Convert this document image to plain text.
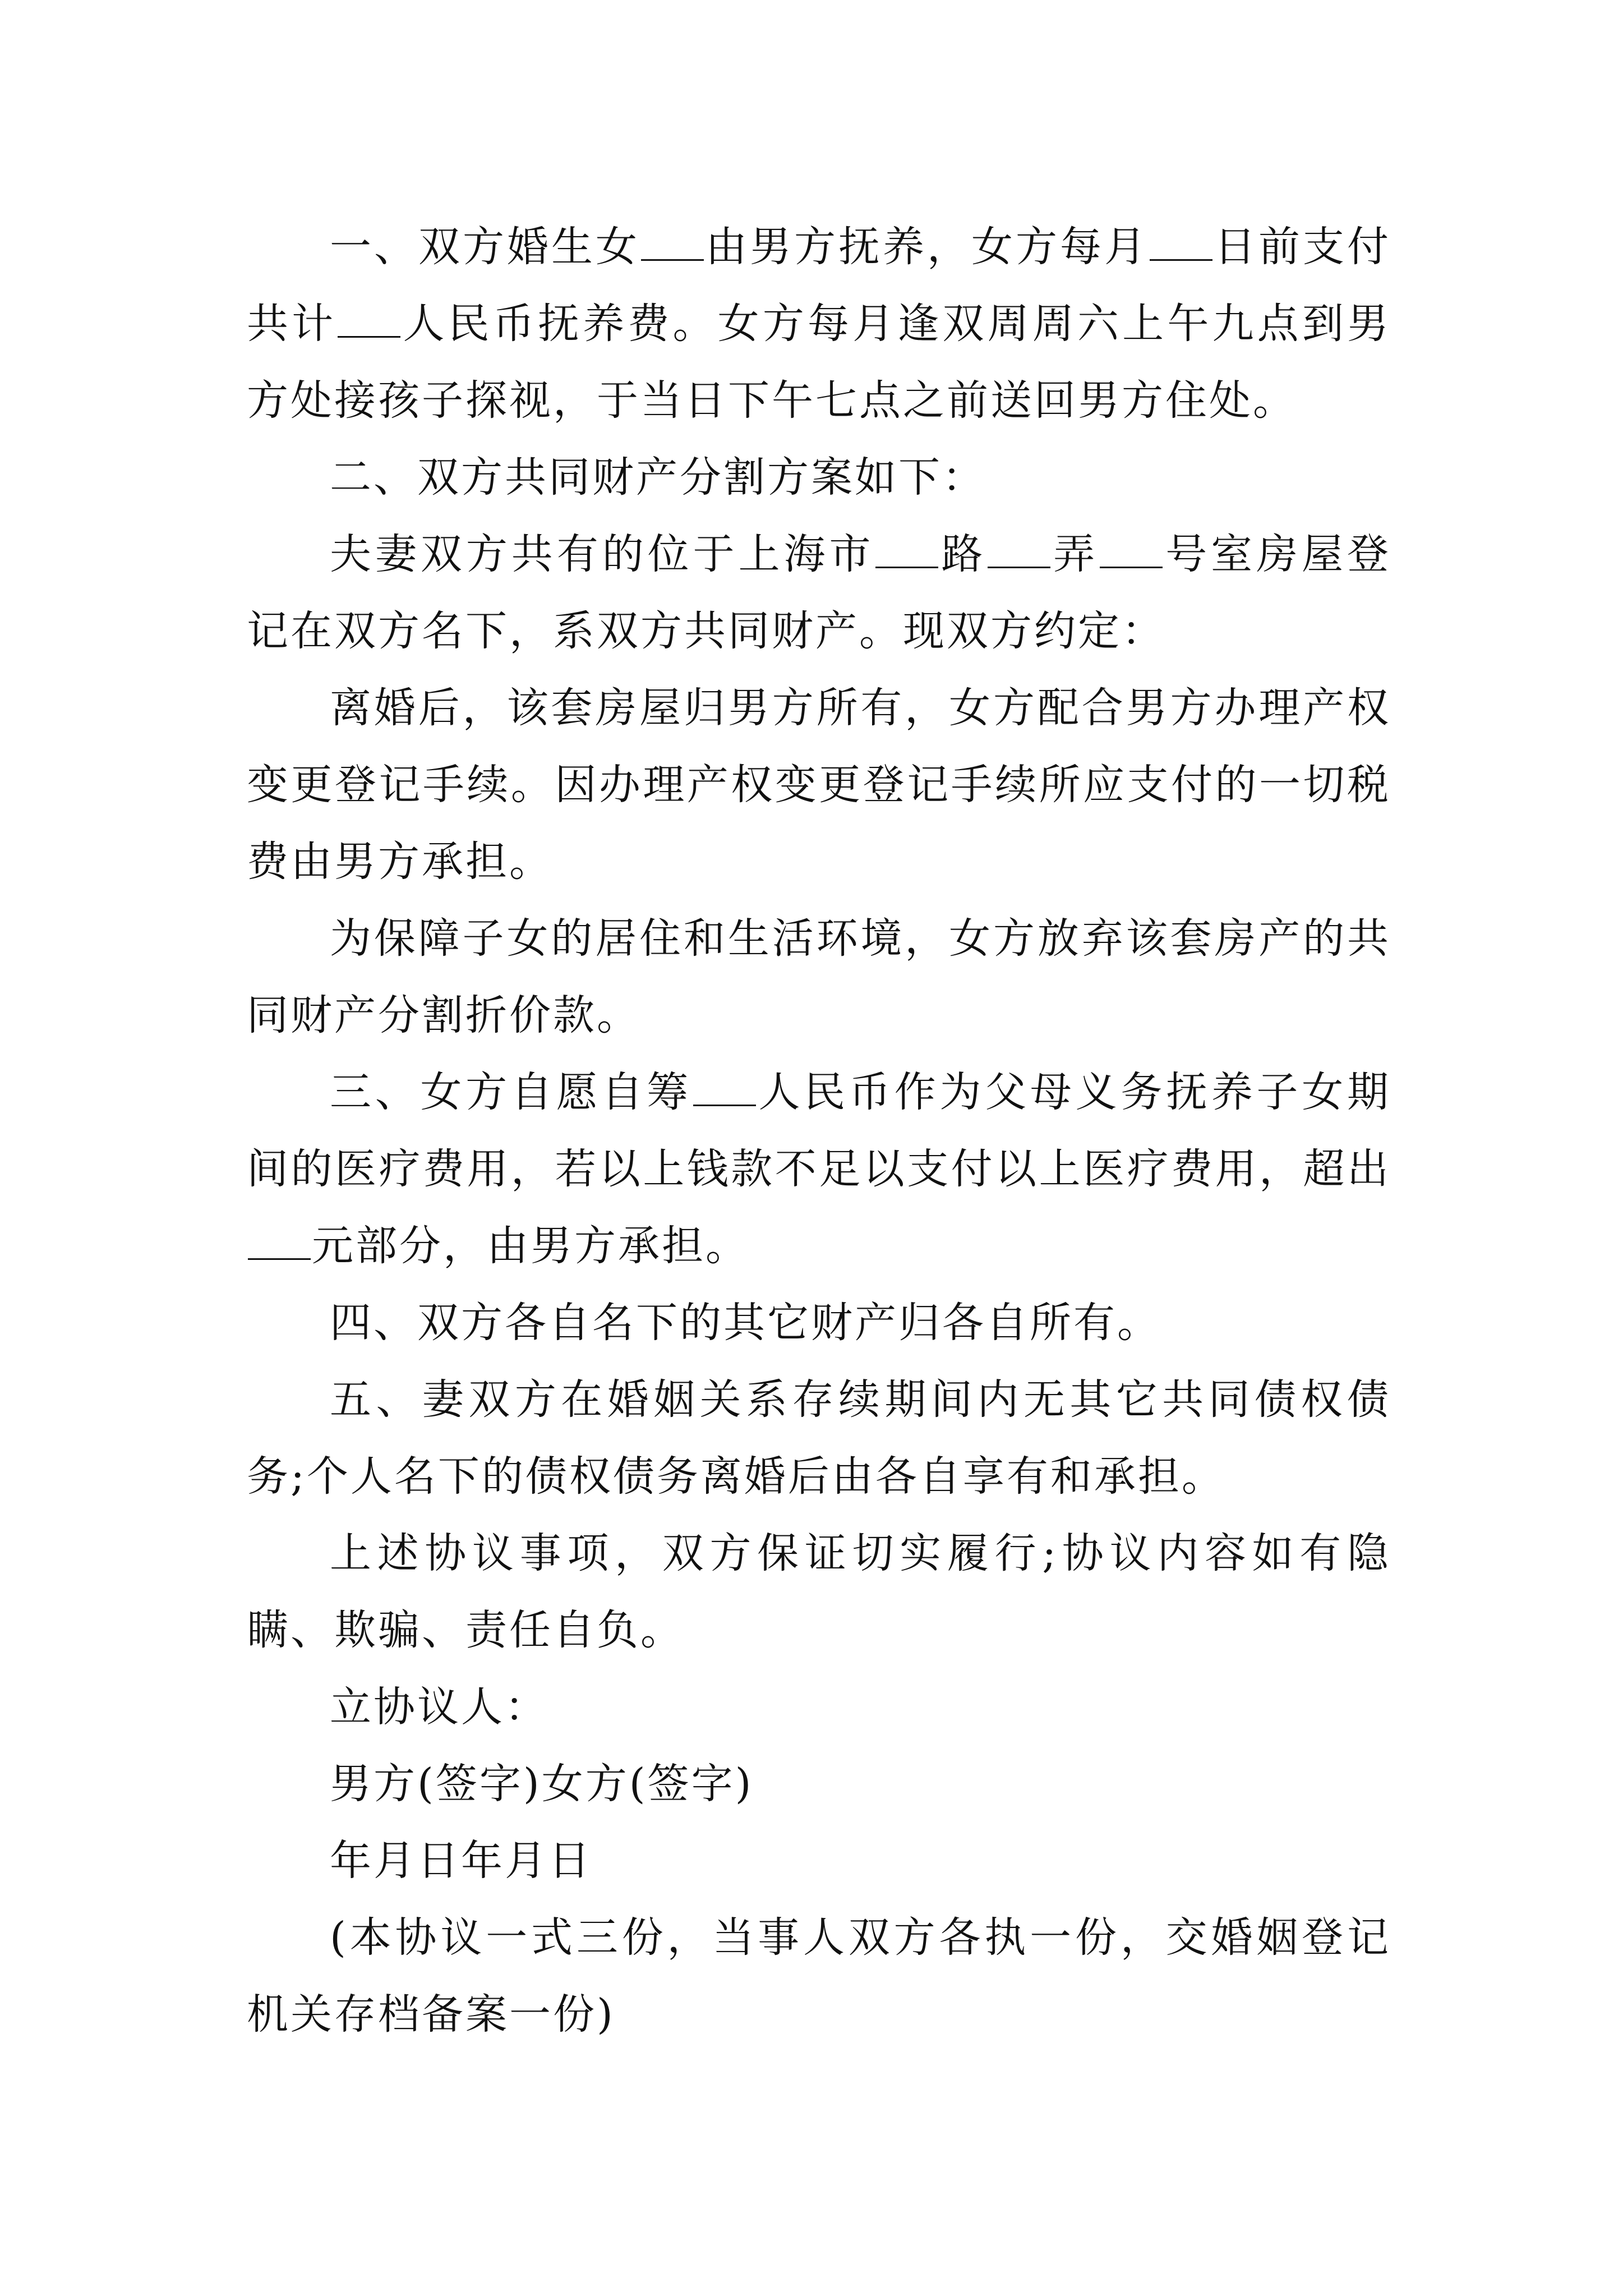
一、双方婚生女 由男方抚养，女方每月 日前支付共计 人民币抚养费。女方每月逢双周周六上午九点到男方处接孩子探视，于当日下午七点之前送回男方住处。

二、双方共同财产分割方案如下：

夫妻双方共有的位于上海市 路 弄 号室房屋登记在双方名下，系双方共同财产。现双方约定：

离婚后，该套房屋归男方所有，女方配合男方办理产权变更登记手续。因办理产权变更登记手续所应支付的一切税费由男方承担。

为保障子女的居住和生活环境，女方放弃该套房产的共同财产分割折价款。

三、女方自愿自筹 人民币作为父母义务抚养子女期间的医疗费用，若以上钱款不足以支付以上医疗费用，超出元部分，由男方承担。

四、双方各自名下的其它财产归各自所有。

五、妻双方在婚姻关系存续期间内无其它共同债权债务;个人名下的债权债务离婚后由各自享有和承担。

上述协议事项，双方保证切实履行;协议内容如有隐瞒、欺骗、责任自负。

立协议人：

男方(签字)女方(签字)

年月日年月日

(本协议一式三份，当事人双方各执一份，交婚姻登记机关存档备案一份)
